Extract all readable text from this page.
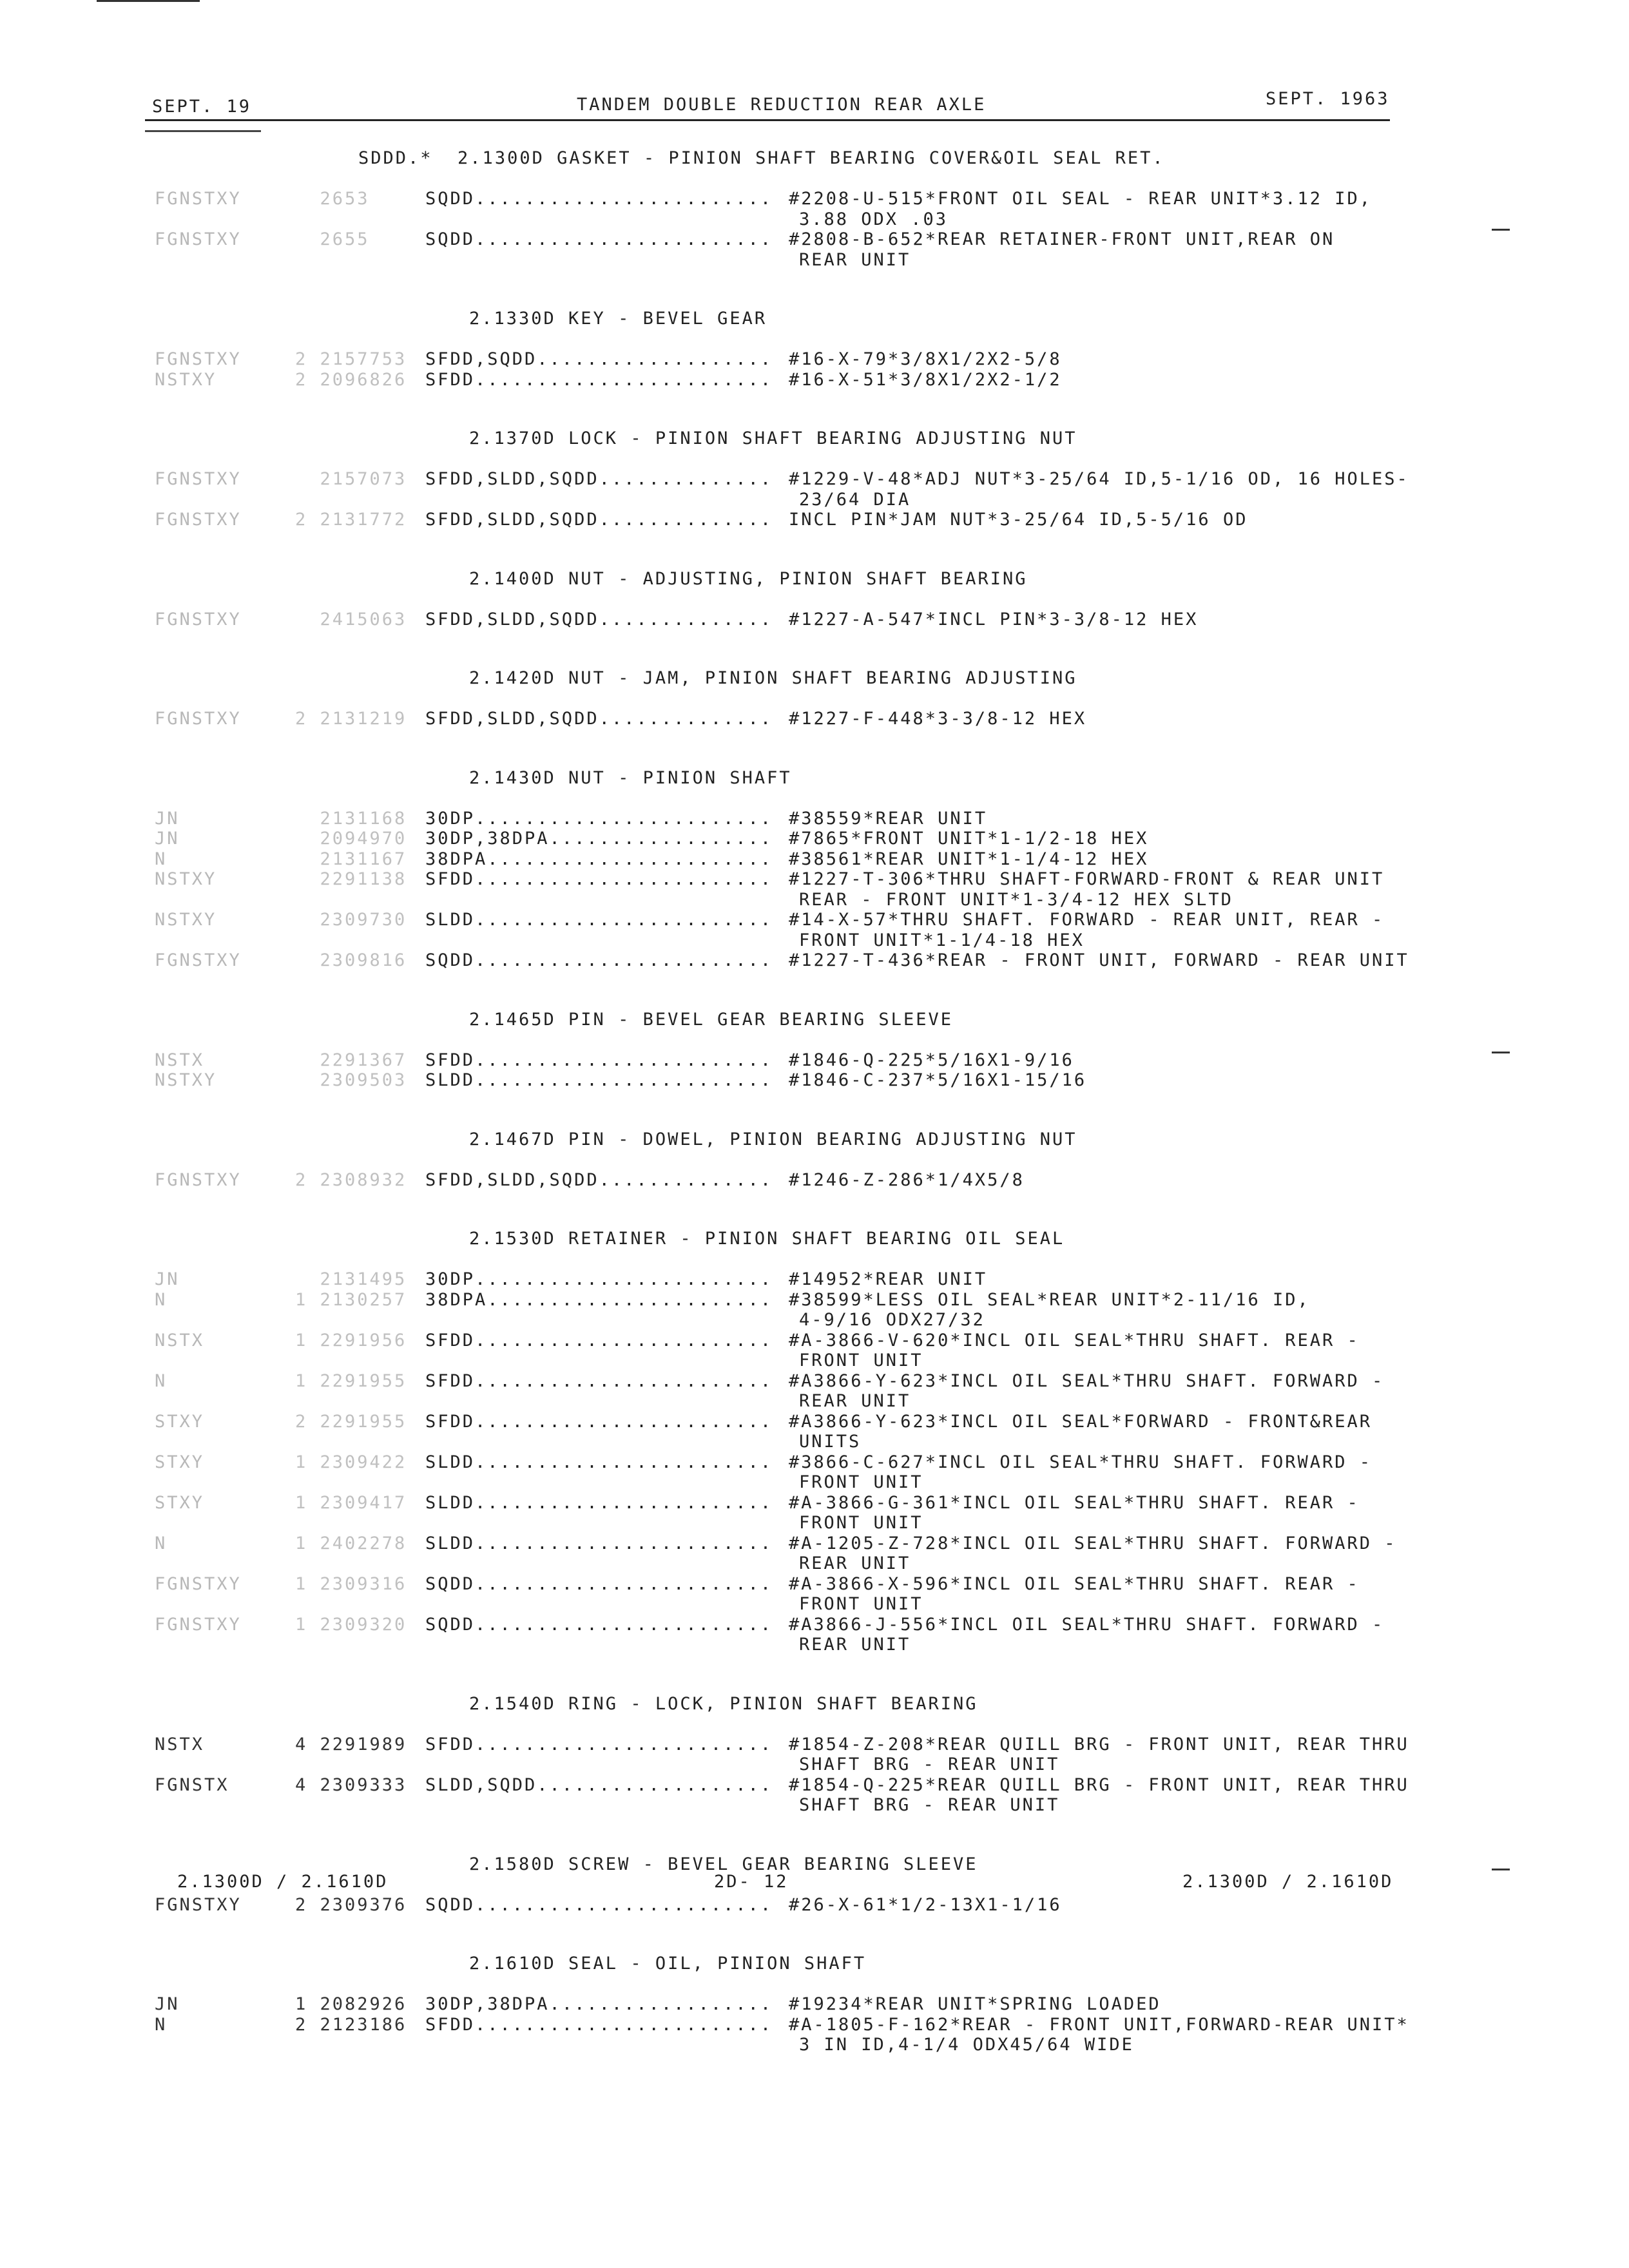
SEPT. 19	TANDEM DOUBLE REDUCTION REAR AXLE	SEPT. 1963
SDDD.*  2.1300D GASKET - PINION SHAFT BEARING COVER&OIL SEAL RET.
FGNSTXY	2653	SQDD........................ #2208-U-515*FRONT OIL SEAL - REAR UNIT*3.12 ID,
3.88 ODX .03
FGNSTXY	2655	SQDD........................ #2808-B-652*REAR RETAINER-FRONT UNIT,REAR ON
REAR UNIT
2.1330D KEY - BEVEL GEAR
FGNSTXY	2 2157753 SFDD,SQDD................... #16-X-79*3/8X1/2X2-5/8
NSTXY	2 2096826 SFDD........................ #16-X-51*3/8X1/2X2-1/2
2.1370D LOCK - PINION SHAFT BEARING ADJUSTING NUT
FGNSTXY	2157073 SFDD,SLDD,SQDD.............. #1229-V-48*ADJ NUT*3-25/64 ID,5-1/16 OD, 16 HOLES-
23/64 DIA
FGNSTXY	2 2131772 SFDD,SLDD,SQDD.............. INCL PIN*JAM NUT*3-25/64 ID,5-5/16 OD
2.1400D NUT - ADJUSTING, PINION SHAFT BEARING
FGNSTXY	2415063 SFDD,SLDD,SQDD.............. #1227-A-547*INCL PIN*3-3/8-12 HEX
2.1420D NUT - JAM, PINION SHAFT BEARING ADJUSTING
FGNSTXY	2 2131219 SFDD,SLDD,SQDD.............. #1227-F-448*3-3/8-12 HEX
2.1430D NUT - PINION SHAFT
JN	2131168 30DP........................ #38559*REAR UNIT
JN	2094970 30DP,38DPA.................. #7865*FRONT UNIT*1-1/2-18 HEX
N	2131167 38DPA....................... #38561*REAR UNIT*1-1/4-12 HEX
NSTXY	2291138 SFDD........................ #1227-T-306*THRU SHAFT-FORWARD-FRONT & REAR UNIT
REAR - FRONT UNIT*1-3/4-12 HEX SLTD
NSTXY	2309730 SLDD........................ #14-X-57*THRU SHAFT. FORWARD - REAR UNIT, REAR -
FRONT UNIT*1-1/4-18 HEX
FGNSTXY	2309816 SQDD........................ #1227-T-436*REAR - FRONT UNIT, FORWARD - REAR UNIT
2.1465D PIN - BEVEL GEAR BEARING SLEEVE
NSTX	2291367 SFDD........................ #1846-Q-225*5/16X1-9/16
NSTXY	2309503 SLDD........................ #1846-C-237*5/16X1-15/16
2.1467D PIN - DOWEL, PINION BEARING ADJUSTING NUT
FGNSTXY	2 2308932 SFDD,SLDD,SQDD.............. #1246-Z-286*1/4X5/8
2.1530D RETAINER - PINION SHAFT BEARING OIL SEAL
JN	2131495 30DP........................ #14952*REAR UNIT
N	1 2130257 38DPA....................... #38599*LESS OIL SEAL*REAR UNIT*2-11/16 ID,
4-9/16 ODX27/32
NSTX	1 2291956 SFDD........................ #A-3866-V-620*INCL OIL SEAL*THRU SHAFT. REAR -
FRONT UNIT
N	1 2291955 SFDD........................ #A3866-Y-623*INCL OIL SEAL*THRU SHAFT. FORWARD -
REAR UNIT
STXY	2 2291955 SFDD........................ #A3866-Y-623*INCL OIL SEAL*FORWARD - FRONT&REAR
UNITS
STXY	1 2309422 SLDD........................ #3866-C-627*INCL OIL SEAL*THRU SHAFT. FORWARD -
FRONT UNIT
STXY	1 2309417 SLDD........................ #A-3866-G-361*INCL OIL SEAL*THRU SHAFT. REAR -
FRONT UNIT
N	1 2402278 SLDD........................ #A-1205-Z-728*INCL OIL SEAL*THRU SHAFT. FORWARD -
REAR UNIT
FGNSTXY	1 2309316 SQDD........................ #A-3866-X-596*INCL OIL SEAL*THRU SHAFT. REAR -
FRONT UNIT
FGNSTXY	1 2309320 SQDD........................ #A3866-J-556*INCL OIL SEAL*THRU SHAFT. FORWARD -
REAR UNIT
2.1540D RING - LOCK, PINION SHAFT BEARING
NSTX	4 2291989 SFDD........................ #1854-Z-208*REAR QUILL BRG - FRONT UNIT, REAR THRU
SHAFT BRG - REAR UNIT
FGNSTX	4 2309333 SLDD,SQDD................... #1854-Q-225*REAR QUILL BRG - FRONT UNIT, REAR THRU
SHAFT BRG - REAR UNIT
2.1580D SCREW - BEVEL GEAR BEARING SLEEVE
FGNSTXY	2 2309376 SQDD........................ #26-X-61*1/2-13X1-1/16
2.1610D SEAL - OIL, PINION SHAFT
JN	1 2082926 30DP,38DPA.................. #19234*REAR UNIT*SPRING LOADED
N	2 2123186 SFDD........................ #A-1805-F-162*REAR - FRONT UNIT,FORWARD-REAR UNIT*
3 IN ID,4-1/4 ODX45/64 WIDE
2.1300D / 2.1610D	2D- 12	2.1300D / 2.1610D
